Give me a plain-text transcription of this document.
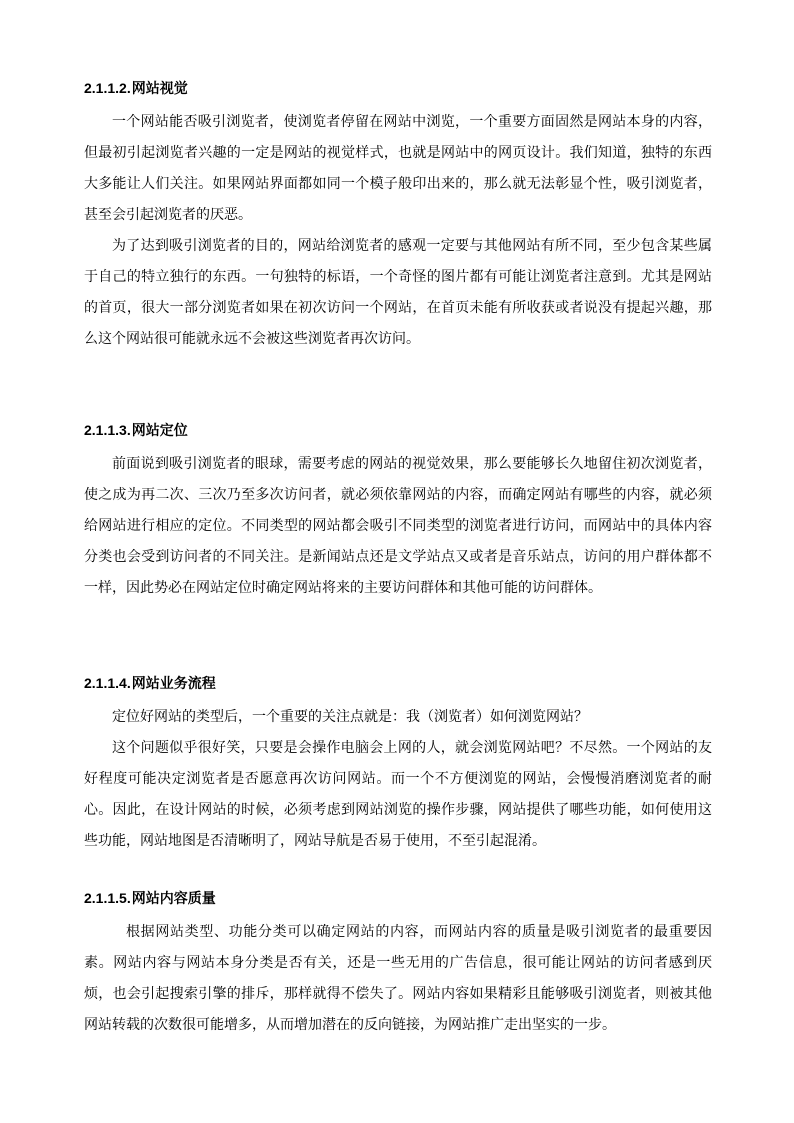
2.1.1.2.网站视觉

一个网站能否吸引浏览者，使浏览者停留在网站中浏览，一个重要方面固然是网站本身的内容，但最初引起浏览者兴趣的一定是网站的视觉样式，也就是网站中的网页设计。我们知道，独特的东西大多能让人们关注。如果网站界面都如同一个模子般印出来的，那么就无法彰显个性，吸引浏览者，甚至会引起浏览者的厌恶。

为了达到吸引浏览者的目的，网站给浏览者的感观一定要与其他网站有所不同，至少包含某些属于自己的特立独行的东西。一句独特的标语，一个奇怪的图片都有可能让浏览者注意到。尤其是网站的首页，很大一部分浏览者如果在初次访问一个网站，在首页未能有所收获或者说没有提起兴趣，那么这个网站很可能就永远不会被这些浏览者再次访问。

2.1.1.3.网站定位

前面说到吸引浏览者的眼球，需要考虑的网站的视觉效果，那么要能够长久地留住初次浏览者，使之成为再二次、三次乃至多次访问者，就必须依靠网站的内容，而确定网站有哪些的内容，就必须给网站进行相应的定位。不同类型的网站都会吸引不同类型的浏览者进行访问，而网站中的具体内容分类也会受到访问者的不同关注。是新闻站点还是文学站点又或者是音乐站点，访问的用户群体都不一样，因此势必在网站定位时确定网站将来的主要访问群体和其他可能的访问群体。

2.1.1.4.网站业务流程

定位好网站的类型后，一个重要的关注点就是：我（浏览者）如何浏览网站？

这个问题似乎很好笑，只要是会操作电脑会上网的人，就会浏览网站吧？不尽然。一个网站的友好程度可能决定浏览者是否愿意再次访问网站。而一个不方便浏览的网站，会慢慢消磨浏览者的耐心。因此，在设计网站的时候，必须考虑到网站浏览的操作步骤，网站提供了哪些功能，如何使用这些功能，网站地图是否清晰明了，网站导航是否易于使用，不至引起混淆。

2.1.1.5.网站内容质量

根据网站类型、功能分类可以确定网站的内容，而网站内容的质量是吸引浏览者的最重要因素。网站内容与网站本身分类是否有关，还是一些无用的广告信息，很可能让网站的访问者感到厌烦，也会引起搜索引擎的排斥，那样就得不偿失了。网站内容如果精彩且能够吸引浏览者，则被其他网站转载的次数很可能增多，从而增加潜在的反向链接，为网站推广走出坚实的一步。
